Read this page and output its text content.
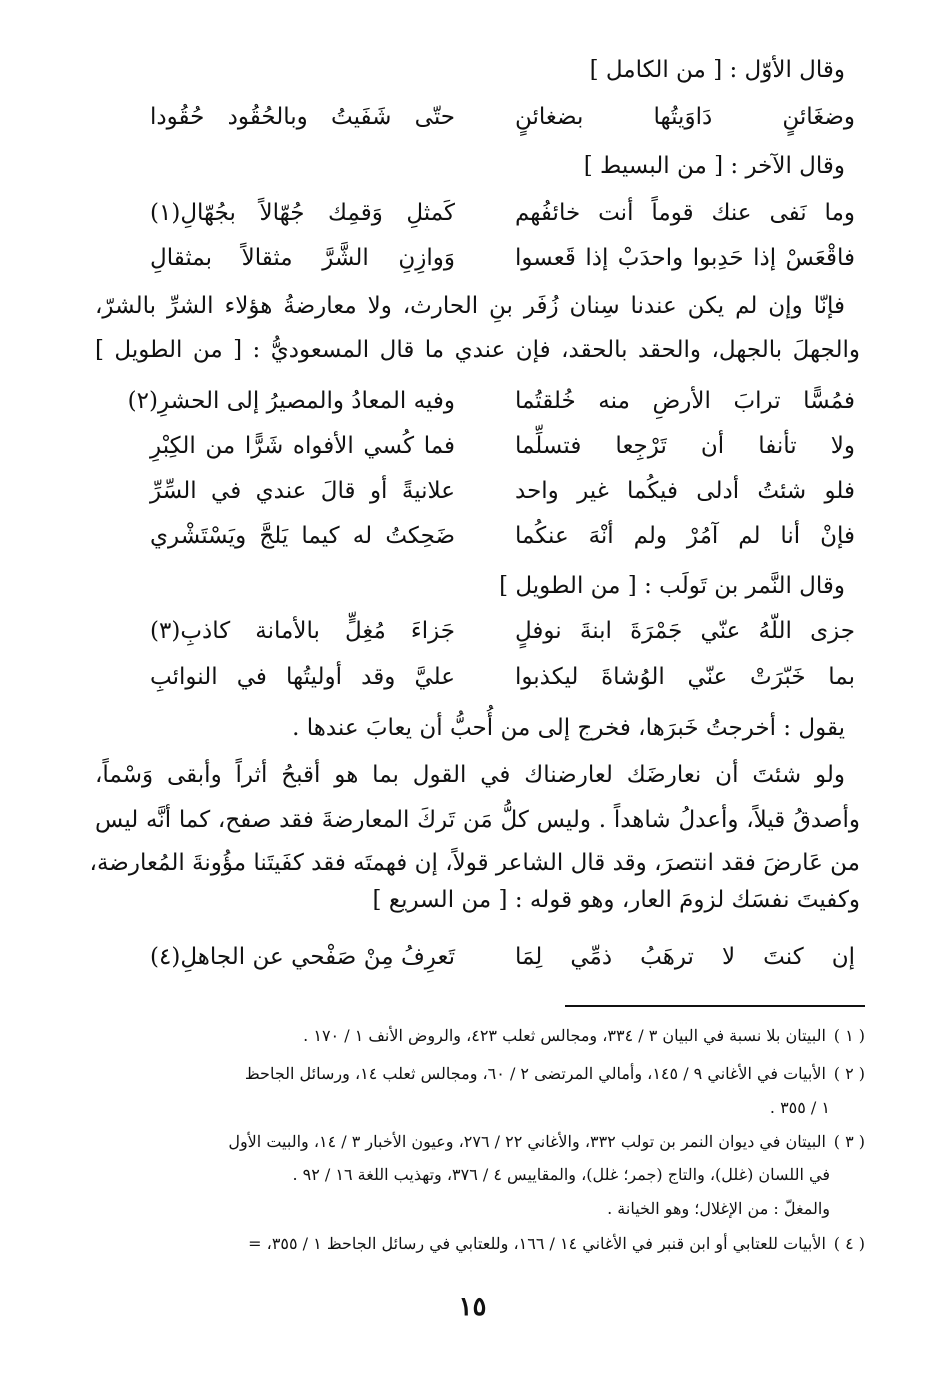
وقال الأوّل : [ من الكامل ]
وضغَائنٍ دَاوَيتُها بضغائنٍ
حتّى شَفَيتُ وبالحُقُود حُقُودا
وقال الآخر : [ من البسيط ]
وما نَفى عنك قوماً أنت خائفُهم
كَمثلِ وَقمِك جُهّالاً بجُهّالِ(١)
فاقْعَسْ إذا حَدِبوا واحدَبْ إذا قَعسوا
وَوازِنِ الشَّرَّ مثقالاً بمثقالِ
فإنّا وإن لم يكن عندنا سِنان زُفَر بنِ الحارث، ولا معارضةُ هؤلاء الشرِّ بالشرّ،
والجهلَ بالجهل، والحقد بالحقد، فإن عندي ما قال المسعوديُّ : [ من الطويل ]
فمُسًّا ترابَ الأرضِ منه خُلقتُما
وفيه المعادُ والمصيرُ إلى الحشرِ(٢)
ولا تأنفا أن تَرْجِعا فتسلِّما
فما كُسي الأفواه شَرًّا من الكِبْرِ
فلو شئتُ أدلى فيكُما غير واحد
علانيةً أو قالَ عندي في السِّرِّ
فإنْ أنا لم آمُرْ ولم أنْهَ عنكُما
ضَحِكتُ له كيما يَلجَّ ويَسْتَشْري
وقال النَّمر بن تَولَب : [ من الطويل ]
جزى اللّهُ عنّي جَمْرَةَ ابنةَ نوفلٍ
جَزاءَ مُغِلٍّ بالأمانة كاذبِ(٣)
بما خَبّرَتْ عنّي الوُشاةَ ليكذبوا
عليَّ وقد أوليتُها في النوائبِ
يقول : أخرجتُ خَبرَها، فخرج إلى من أُحبُّ أن يعابَ عندها .
ولو شئتَ أن نعارضَك لعارضناك في القول بما هو أقبحُ أثراً وأبقى وَسْماً،
وأصدقُ قيلاً، وأعدلُ شاهداً . وليس كلُّ مَن تَركَ المعارضةَ فقد صفح، كما أنَّه ليس
من عَارضَ فقد انتصرَ، وقد قال الشاعر قولاً، إن فهمتَه فقد كفَيتَنا مؤُونةَ المُعارضة،
وكفيتَ نفسَك لزومَ العار، وهو قوله : [ من السريع ]
إن كنتَ لا ترهَبُ ذمِّي لِمَا
تَعرِفُ مِنْ صَفْحي عن الجاهلِ(٤)
( ١ ) البيتان بلا نسبة في البيان ٣ / ٣٣٤، ومجالس ثعلب ٤٢٣، والروض الأنف ١ / ١٧٠ .
( ٢ ) الأبيات في الأغاني ٩ / ١٤٥، وأمالي المرتضى ٢ / ٦٠، ومجالس ثعلب ١٤، ورسائل الجاحظ
١ / ٣٥٥ .
( ٣ ) البيتان في ديوان النمر بن تولب ٣٣٢، والأغاني ٢٢ / ٢٧٦، وعيون الأخبار ٣ / ١٤، والبيت الأول
في اللسان (غلل)، والتاج (جمر؛ غلل)، والمقاييس ٤ / ٣٧٦، وتهذيب اللغة ١٦ / ٩٢ .
والمغلّ : من الإغلال؛ وهو الخيانة .
( ٤ ) الأبيات للعتابي أو ابن قنبر في الأغاني ١٤ / ١٦٦، وللعتابي في رسائل الجاحظ ١ / ٣٥٥، =
١٥
